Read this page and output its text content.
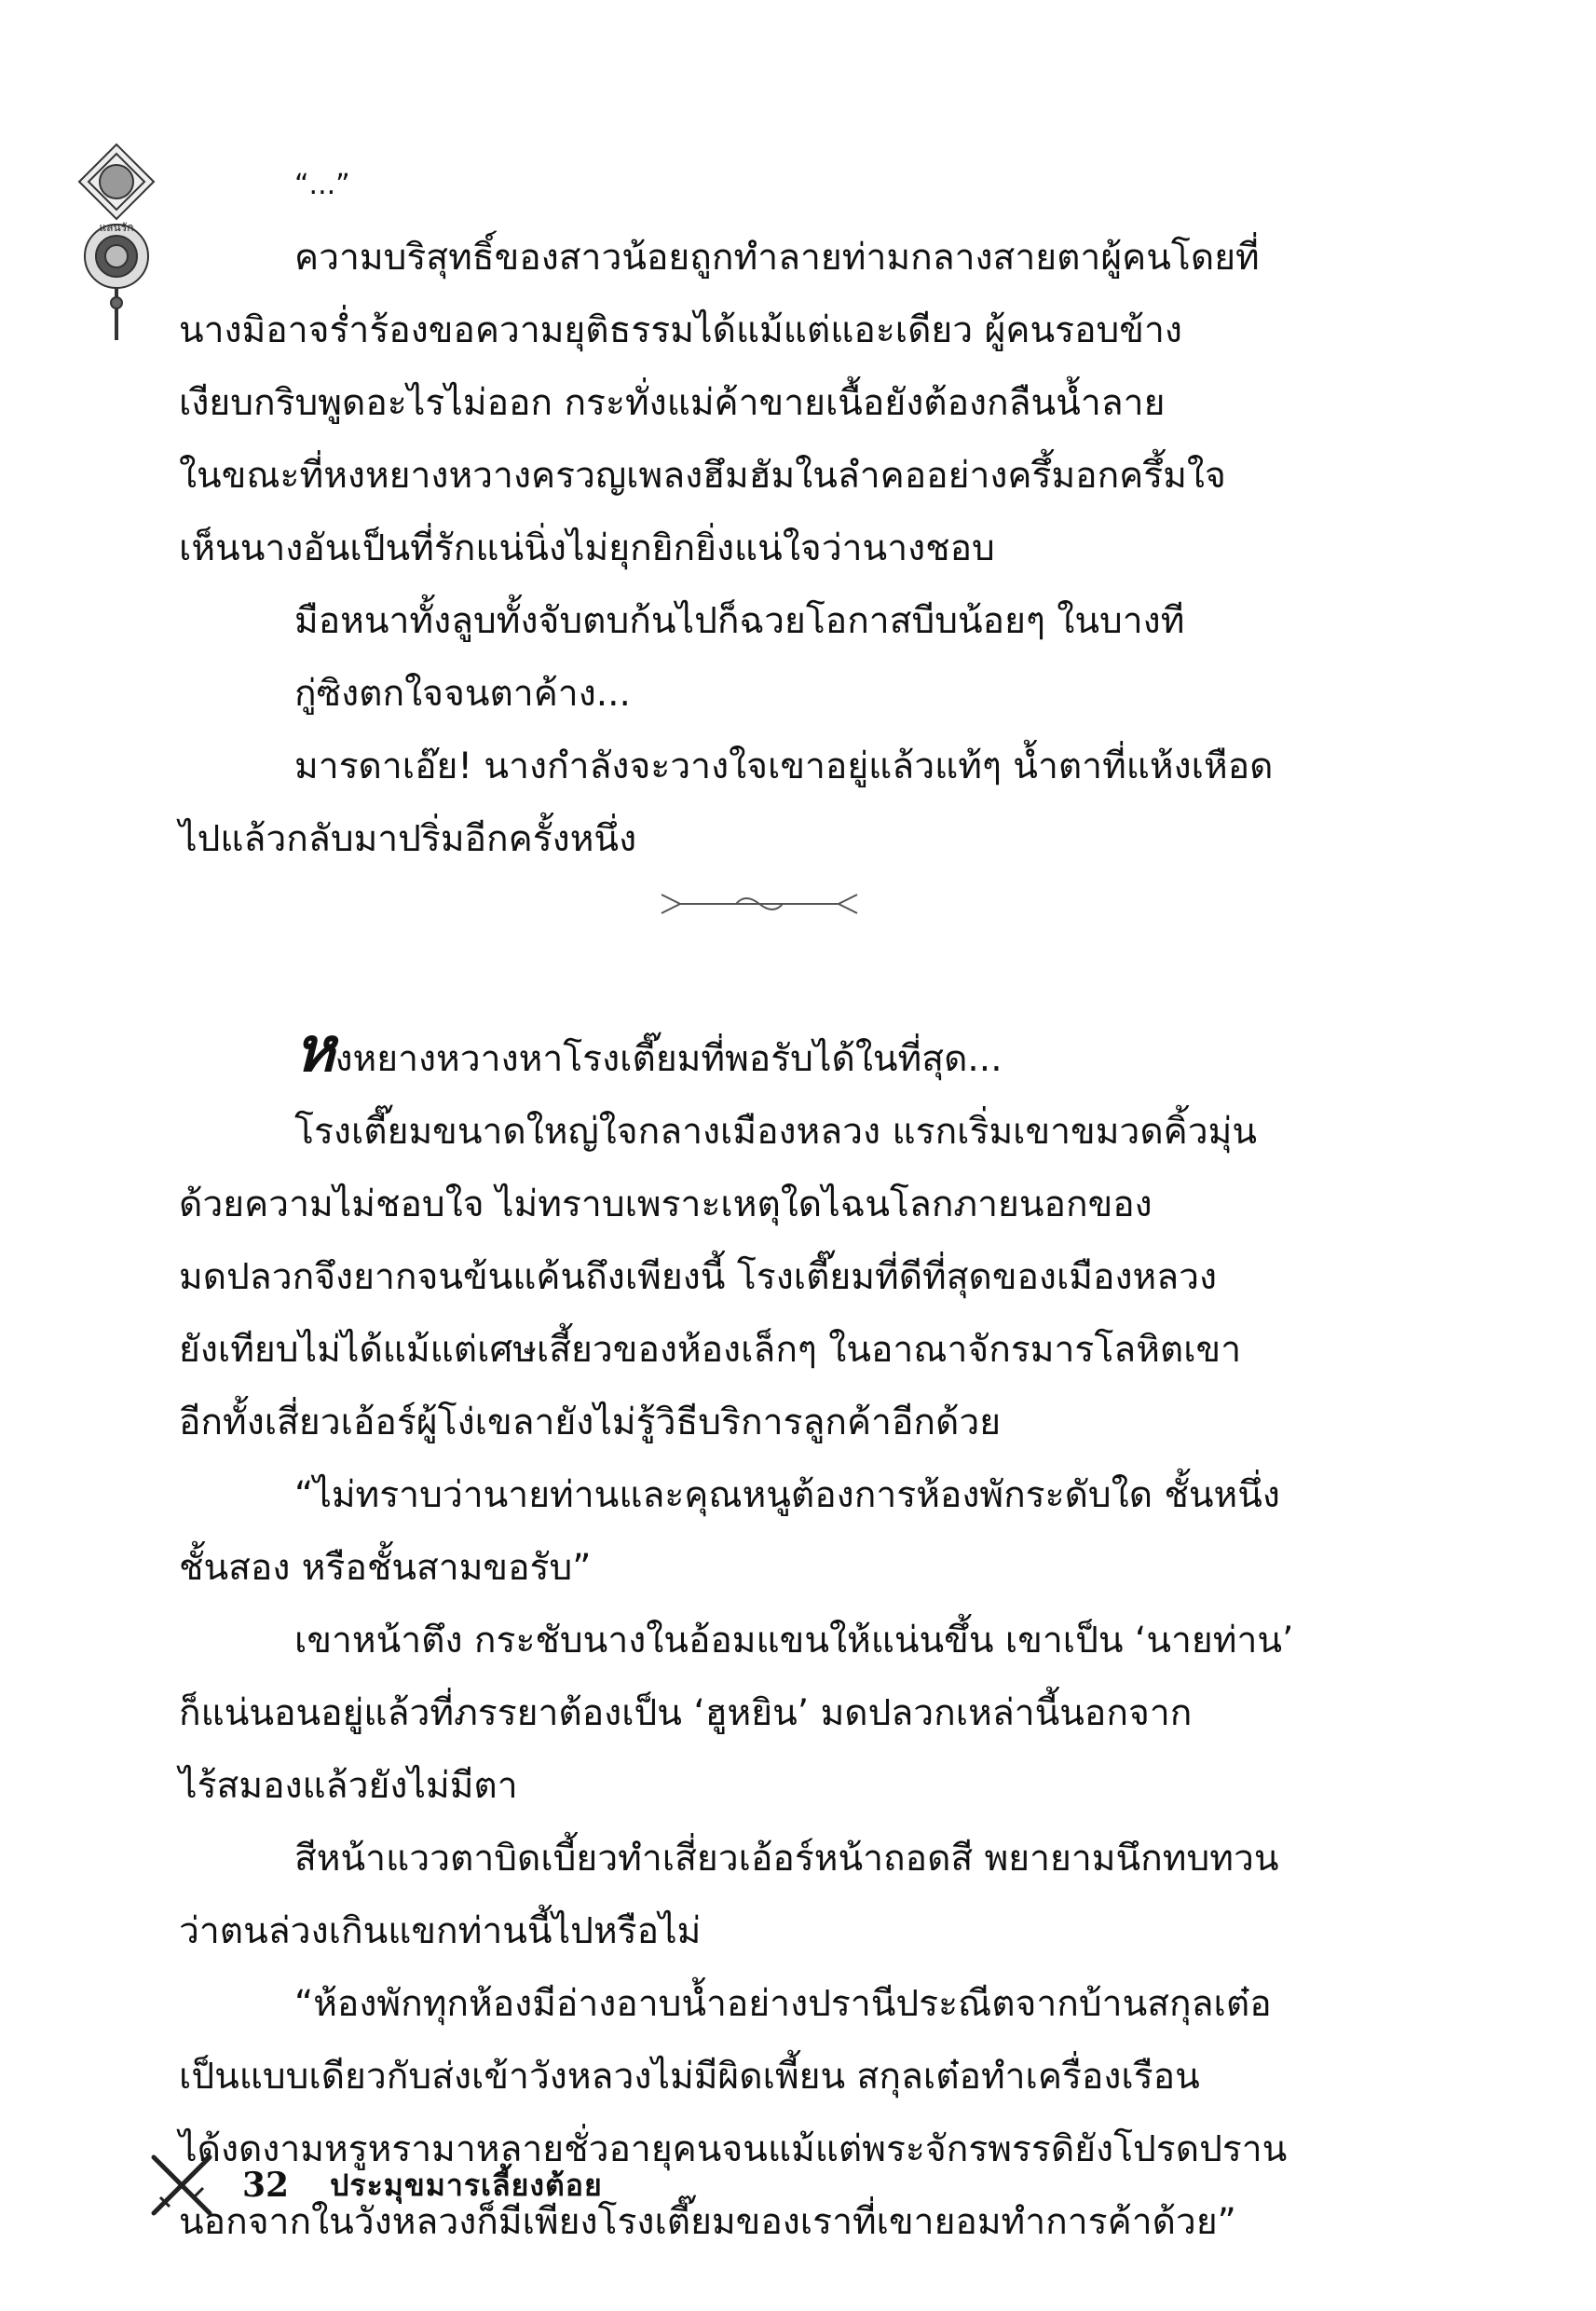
แสนรัก

“...”

ความบริสุทธิ์ของสาวน้อยถูกทำลายท่ามกลางสายตาผู้คนโดยที่

นางมิอาจร่ำร้องขอความยุติธรรมได้แม้แต่แอะเดียว ผู้คนรอบข้าง

เงียบกริบพูดอะไรไม่ออก กระทั่งแม่ค้าขายเนื้อยังต้องกลืนน้ำลาย

ในขณะที่หงหยางหวางครวญเพลงฮึมฮัมในลำคออย่างครึ้มอกครึ้มใจ

เห็นนางอันเป็นที่รักแน่นิ่งไม่ยุกยิกยิ่งแน่ใจว่านางชอบ

มือหนาทั้งลูบทั้งจับตบก้นไปก็ฉวยโอกาสบีบน้อยๆ ในบางที

กู่ซิงตกใจจนตาค้าง...

มารดาเอ๊ย! นางกำลังจะวางใจเขาอยู่แล้วแท้ๆ น้ำตาที่แห้งเหือด

ไปแล้วกลับมาปริ่มอีกครั้งหนึ่ง

หงหยางหวางหาโรงเตี๊ยมที่พอรับได้ในที่สุด...

โรงเตี๊ยมขนาดใหญ่ใจกลางเมืองหลวง แรกเริ่มเขาขมวดคิ้วมุ่น

ด้วยความไม่ชอบใจ ไม่ทราบเพราะเหตุใดไฉนโลกภายนอกของ

มดปลวกจึงยากจนข้นแค้นถึงเพียงนี้ โรงเตี๊ยมที่ดีที่สุดของเมืองหลวง

ยังเทียบไม่ได้แม้แต่เศษเสี้ยวของห้องเล็กๆ ในอาณาจักรมารโลหิตเขา

อีกทั้งเสี่ยวเอ้อร์ผู้โง่เขลายังไม่รู้วิธีบริการลูกค้าอีกด้วย

“ไม่ทราบว่านายท่านและคุณหนูต้องการห้องพักระดับใด ชั้นหนึ่ง

ชั้นสอง หรือชั้นสามขอรับ”

เขาหน้าตึง กระชับนางในอ้อมแขนให้แน่นขึ้น เขาเป็น ‘นายท่าน’

ก็แน่นอนอยู่แล้วที่ภรรยาต้องเป็น ‘ฮูหยิน’ มดปลวกเหล่านี้นอกจาก

ไร้สมองแล้วยังไม่มีตา

สีหน้าแววตาบิดเบี้ยวทำเสี่ยวเอ้อร์หน้าถอดสี พยายามนึกทบทวน

ว่าตนล่วงเกินแขกท่านนี้ไปหรือไม่

“ห้องพักทุกห้องมีอ่างอาบน้ำอย่างปรานีประณีตจากบ้านสกุลเต๋อ

เป็นแบบเดียวกับส่งเข้าวังหลวงไม่มีผิดเพี้ยน สกุลเต๋อทำเครื่องเรือน

ได้งดงามหรูหรามาหลายชั่วอายุคนจนแม้แต่พระจักรพรรดิยังโปรดปราน

นอกจากในวังหลวงก็มีเพียงโรงเตี๊ยมของเราที่เขายอมทำการค้าด้วย”

32 ประมุขมารเลี้ยงต้อย
